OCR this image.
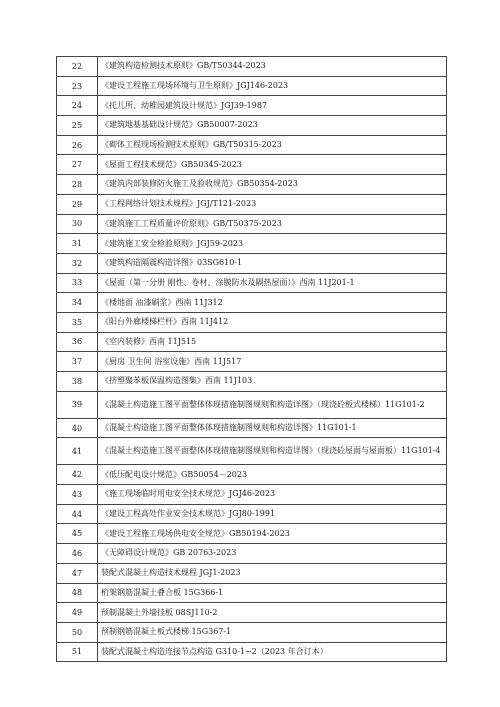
22	《建筑构造检测技术原则》GB/T50344-2023
23	《建设工程施工现场环境与卫生原则》JGJ146-2023
24	《托儿所、幼稚园建筑设计规范》JGJ39-1987
25	《建筑地基基础设计规范》GB50007-2023
26	《砌体工程现场检测技术原则》GB/T50315-2023
27	《屋面工程技术规范》GB50345-2023
28	《建筑内部装修防火施工及验收规范》GB50354-2023
29	《工程网络计划技术规程》JGJ/T121-2023
30	《建筑施工工程质量评价原则》GB/T50375-2023
31	《建筑施工安全检验原则》JGJ59-2023
32	《建筑构造隔震构造详图》03SG610-1
33	《屋面（第一分册 刚性、卷材、涂膜防水及隔热屋面）》西南 11J201-1
34	《楼地面 油漆刷浆》西南 11J312
35	《阳台外廊楼梯栏杆》西南 11J412
36	《室内装修》西南 11J515
37	《厨房 卫生间 浴室设施》西南 11J517
38	《挤塑聚苯板保温构造图集》西南 11J103
39	《混凝土构造施工图平面整体体现措施制图规则和构造详图》（现浇砼板式楼梯）11G101-2
40	《混凝土构造施工图平面整体体现措施制图规则和构造详图》11G101-1
41	《混凝土构造施工图平面整体体现措施制图规则和构造详图》（现浇砼屋面与屋面板）11G101-4
42	《低压配电设计规范》GB50054－2023
43	《施工现场临时用电安全技术规范》JGJ46-2023
44	《建设工程高处作业安全技术规范》JGJ80-1991
45	《建设工程施工现场供电安全规范》GB50194-2023
46	《无障碍设计规范》GB 20763-2023
47	装配式混凝土构造技术规程 JGJ1-2023
48	桁架钢筋混凝土叠合板 15G366-1
49	预制混凝土外墙挂板 08SJ110-2
50	预制钢筋混凝土板式楼梯 15G367-1
51	装配式混凝土构造连接节点构造 G310-1~2（2023 年合订本）
